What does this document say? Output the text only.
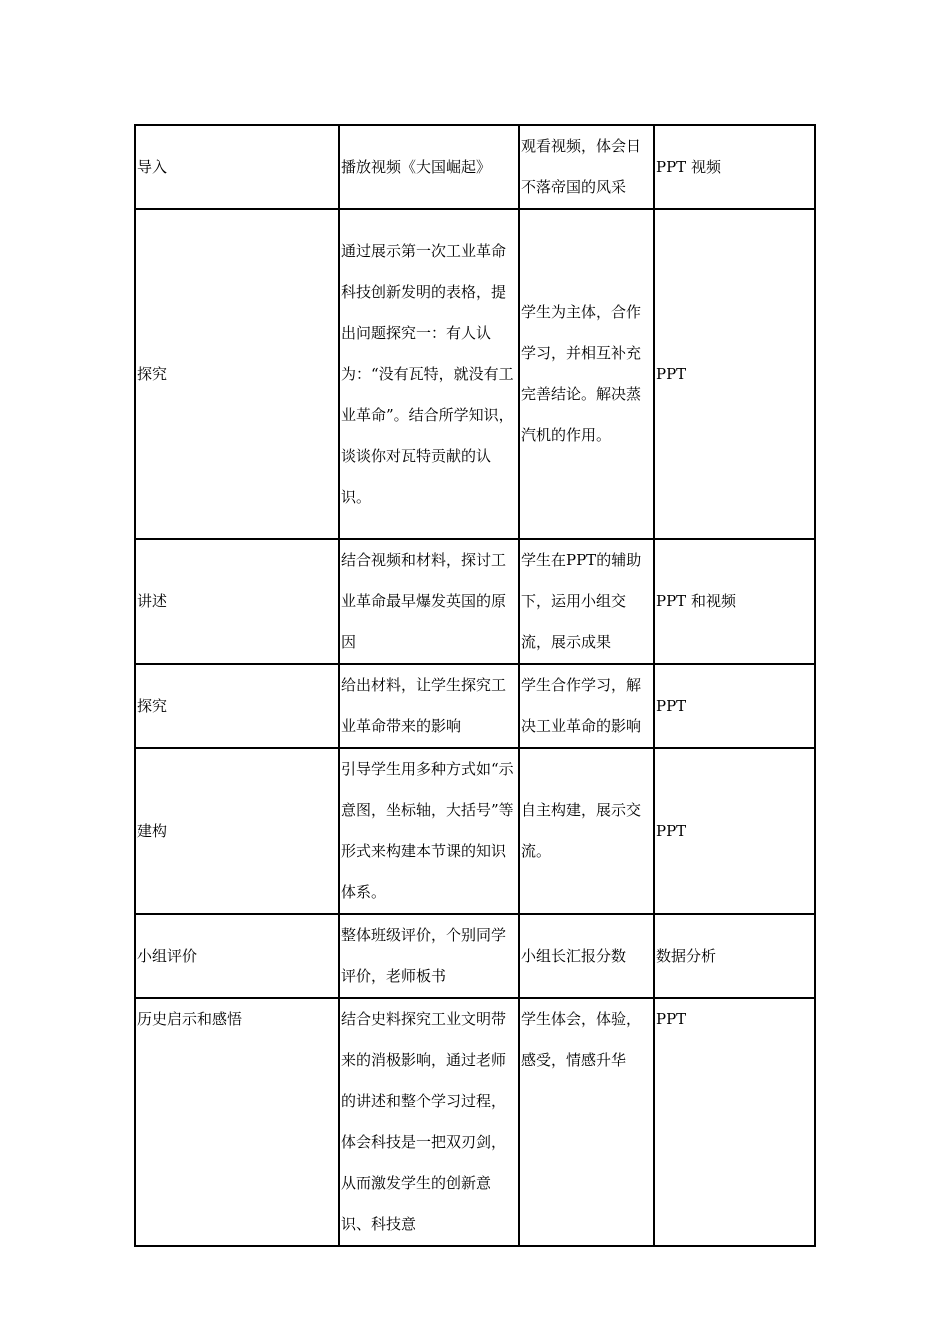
导入	播放视频《大国崛起》	观看视频，体会日不落帝国的风采	PPT 视频

探究	通过展示第一次工业革命科技创新发明的表格，提出问题探究一：有人认为：“没有瓦特，就没有工业革命”。结合所学知识，谈谈你对瓦特贡献的认识。	学生为主体，合作学习，并相互补充完善结论。解决蒸汽机的作用。	PPT

讲述	结合视频和材料，探讨工业革命最早爆发英国的原因	学生在PPT的辅助下，运用小组交流，展示成果	PPT 和视频

探究	给出材料，让学生探究工业革命带来的影响	学生合作学习，解决工业革命的影响	PPT

建构	引导学生用多种方式如“示意图，坐标轴，大括号”等形式来构建本节课的知识体系。	自主构建，展示交流。	PPT

小组评价	整体班级评价，个别同学评价，老师板书	小组长汇报分数	数据分析

历史启示和感悟	结合史料探究工业文明带来的消极影响，通过老师的讲述和整个学习过程，体会科技是一把双刃剑，从而激发学生的创新意识、科技意	学生体会，体验，感受，情感升华	PPT
